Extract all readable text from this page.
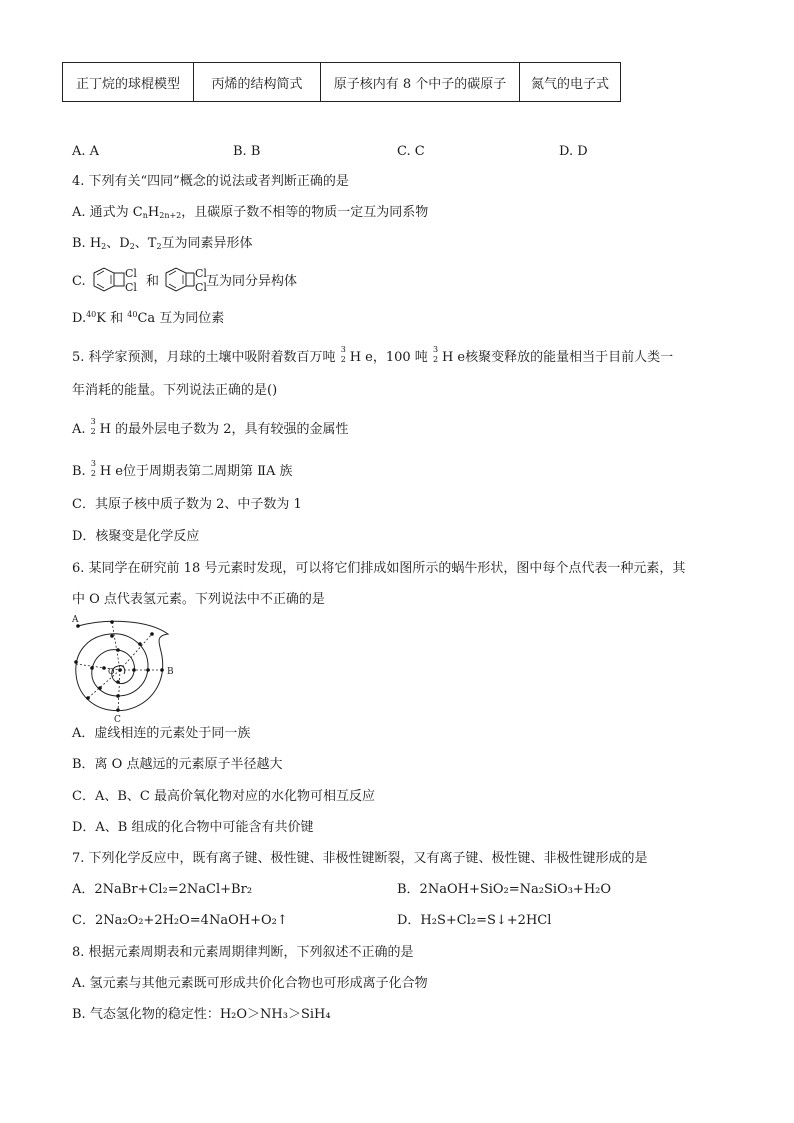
正丁烷的球棍模型	丙烯的结构简式	原子核内有 8 个中子的碳原子	氮气的电子式
A. A	B. B	C. C	D. D
4. 下列有关“四同”概念的说法或者判断正确的是
A. 通式为 $C_nH_{2n+2}$，且碳原子数不相等的物质一定互为同系物
B. $H_2$、$D_2$、$T_2$互为同素异形体
C.
Cl
Cl 和
Cl
Cl 互为同分异构体
D.$^{40}$K 和 $^{40}$Ca 互为同位素
5. 科学家预测，月球的土壤中吸附着数百万吨
3
2 H e，100 吨
3
2 H e核聚变释放的能量相当于目前人类一
年消耗的能量。下列说法正确的是()
A.
3
2 H 的最外层电子数为 2，具有较强的金属性
B.
3
2 H e位于周期表第二周期第 ⅡA 族
C．其原子核中质子数为 2、中子数为 1
D．核聚变是化学反应
6. 某同学在研究前 18 号元素时发现，可以将它们排成如图所示的蜗牛形状，图中每个点代表一种元素，其
中 O 点代表氢元素。下列说法中不正确的是
A
B
C
O
A．虚线相连的元素处于同一族
B．离 O 点越远的元素原子半径越大
C．A、B、C 最高价氧化物对应的水化物可相互反应
D．A、B 组成的化合物中可能含有共价键
7. 下列化学反应中，既有离子键、极性键、非极性键断裂，又有离子键、极性键、非极性键形成的是
A．2NaBr+Cl₂=2NaCl+Br₂	B．2NaOH+SiO₂=Na₂SiO₃+H₂O
C．2Na₂O₂+2H₂O=4NaOH+O₂↑	D．H₂S+Cl₂=S↓+2HCl
8. 根据元素周期表和元素周期律判断，下列叙述不正确的是
A. 氢元素与其他元素既可形成共价化合物也可形成离子化合物
B. 气态氢化物的稳定性：H₂O＞NH₃＞SiH₄
